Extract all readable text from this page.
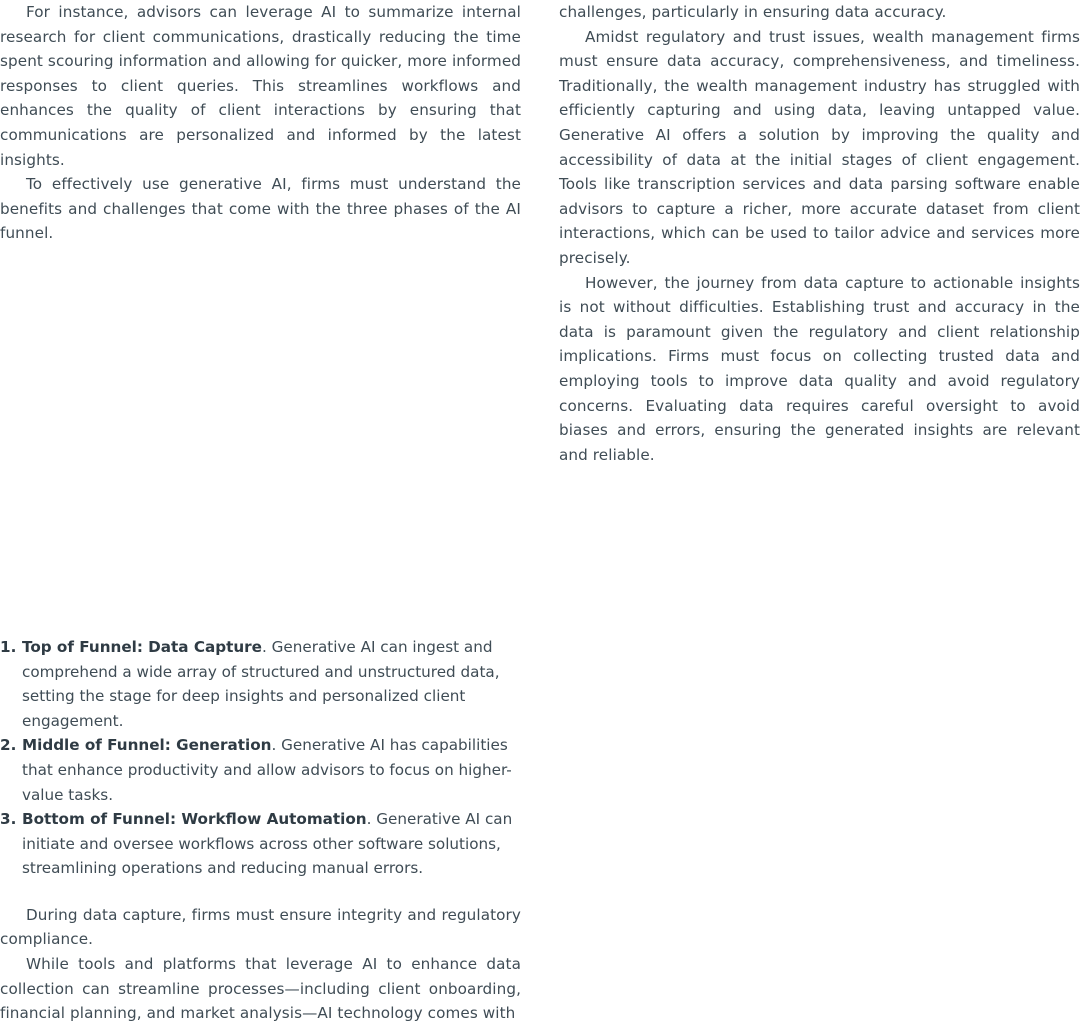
For instance, advisors can leverage AI to summarize internal research for client communications, drastically reducing the time spent scouring information and allowing for quicker, more informed responses to client queries. This streamlines workflows and enhances the quality of client interactions by ensuring that communications are personalized and informed by the latest insights.

To effectively use generative AI, firms must understand the benefits and challenges that come with the three phases of the AI funnel.

Top of Funnel: Data Capture. Generative AI can ingest and comprehend a wide array of structured and unstructured data, setting the stage for deep insights and personalized client engagement.
Middle of Funnel: Generation. Generative AI has capabilities that enhance productivity and allow advisors to focus on higher-value tasks.
Bottom of Funnel: Workflow Automation. Generative AI can initiate and oversee workflows across other software solutions, streamlining operations and reducing manual errors.

During data capture, firms must ensure integrity and regulatory compliance.

While tools and platforms that leverage AI to enhance data collection can streamline processes—including client onboarding, financial planning, and market analysis—AI technology comes with

challenges, particularly in ensuring data accuracy.

Amidst regulatory and trust issues, wealth management firms must ensure data accuracy, comprehensiveness, and timeliness. Traditionally, the wealth management industry has struggled with efficiently capturing and using data, leaving untapped value. Generative AI offers a solution by improving the quality and accessibility of data at the initial stages of client engagement. Tools like transcription services and data parsing software enable advisors to capture a richer, more accurate dataset from client interactions, which can be used to tailor advice and services more precisely.

However, the journey from data capture to actionable insights is not without difficulties. Establishing trust and accuracy in the data is paramount given the regulatory and client relationship implications. Firms must focus on collecting trusted data and employing tools to improve data quality and avoid regulatory concerns. Evaluating data requires careful oversight to avoid biases and errors, ensuring the generated insights are relevant and reliable.
